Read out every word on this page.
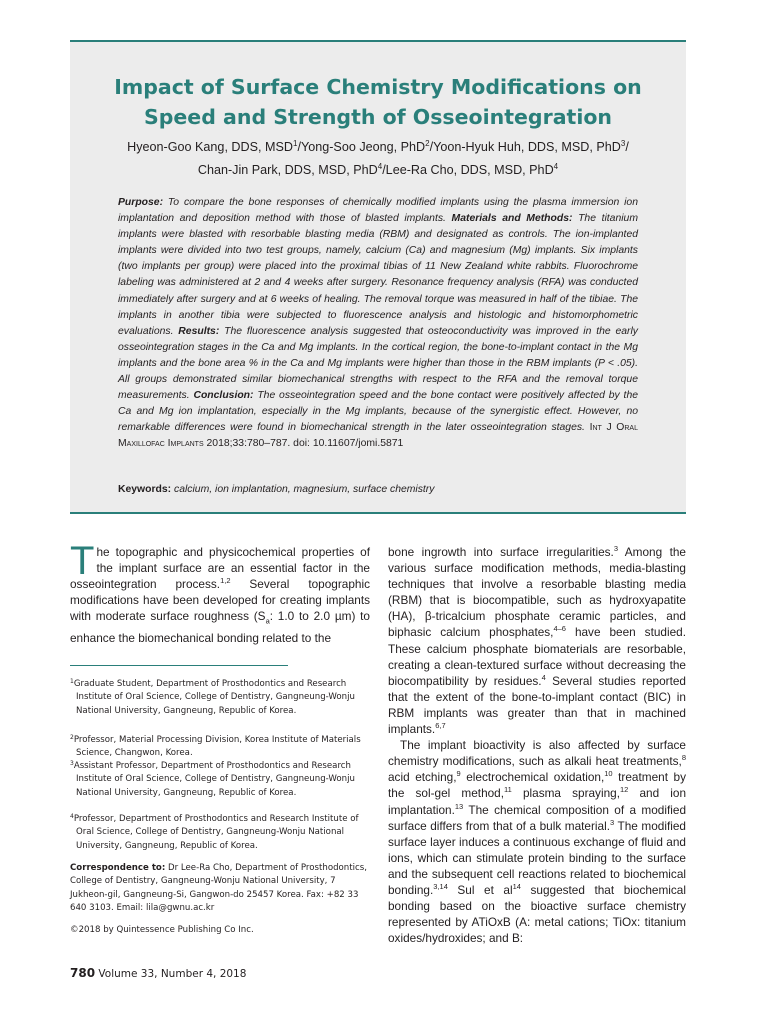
Impact of Surface Chemistry Modifications on
Speed and Strength of Osseointegration
Hyeon-Goo Kang, DDS, MSD$^1$/Yong-Soo Jeong, PhD$^2$/Yoon-Hyuk Huh, DDS, MSD, PhD$^3$/
Chan-Jin Park, DDS, MSD, PhD$^4$/Lee-Ra Cho, DDS, MSD, PhD$^4$

Purpose: To compare the bone responses of chemically modified implants using the plasma immersion ion implantation and deposition method with those of blasted implants. Materials and Methods: The titanium implants were blasted with resorbable blasting media (RBM) and designated as controls. The ion-implanted implants were divided into two test groups, namely, calcium (Ca) and magnesium (Mg) implants. Six implants (two implants per group) were placed into the proximal tibias of 11 New Zealand white rabbits. Fluorochrome labeling was administered at 2 and 4 weeks after surgery. Resonance frequency analysis (RFA) was conducted immediately after surgery and at 6 weeks of healing. The removal torque was measured in half of the tibiae. The implants in another tibia were subjected to fluorescence analysis and histologic and histomorphometric evaluations. Results: The fluorescence analysis suggested that osteoconductivity was improved in the early osseointegration stages in the Ca and Mg implants. In the cortical region, the bone-to-implant contact in the Mg implants and the bone area % in the Ca and Mg implants were higher than those in the RBM implants (P < .05). All groups demonstrated similar biomechanical strengths with respect to the RFA and the removal torque measurements. Conclusion: The osseointegration speed and the bone contact were positively affected by the Ca and Mg ion implantation, especially in the Mg implants, because of the synergistic effect. However, no remarkable differences were found in biomechanical strength in the later osseointegration stages. Int J Oral Maxillofac Implants 2018;33:780–787. doi: 10.11607/jomi.5871

Keywords: calcium, ion implantation, magnesium, surface chemistry

The topographic and physicochemical properties of the implant surface are an essential factor in the osseointegration process.$^{1,2}$ Several topographic modifications have been developed for creating implants with moderate surface roughness ($S_a$: 1.0 to 2.0 µm) to enhance the biomechanical bonding related to the

$^1$Graduate Student, Department of Prosthodontics and Research Institute of Oral Science, College of Dentistry, Gangneung-Wonju National University, Gangneung, Republic of Korea.

$^2$Professor, Material Processing Division, Korea Institute of Materials Science, Changwon, Korea.

$^3$Assistant Professor, Department of Prosthodontics and Research Institute of Oral Science, College of Dentistry, Gangneung-Wonju National University, Gangneung, Republic of Korea.

$^4$Professor, Department of Prosthodontics and Research Institute of Oral Science, College of Dentistry, Gangneung-Wonju National University, Gangneung, Republic of Korea.

Correspondence to: Dr Lee-Ra Cho, Department of Prosthodontics, College of Dentistry, Gangneung-Wonju National University, 7 Jukheon-gil, Gangneung-Si, Gangwon-do 25457 Korea. Fax: +82 33 640 3103. Email: lila@gwnu.ac.kr

©2018 by Quintessence Publishing Co Inc.
780 Volume 33, Number 4, 2018

bone ingrowth into surface irregularities.$^3$ Among the various surface modification methods, media-blasting techniques that involve a resorbable blasting media (RBM) that is biocompatible, such as hydroxyapatite (HA), β-tricalcium phosphate ceramic particles, and biphasic calcium phosphates,$^{4-6}$ have been studied. These calcium phosphate biomaterials are resorbable, creating a clean-textured surface without decreasing the biocompatibility by residues.$^4$ Several studies reported that the extent of the bone-to-implant contact (BIC) in RBM implants was greater than that in machined implants.$^{6,7}$

The implant bioactivity is also affected by surface chemistry modifications, such as alkali heat treatments,$^8$ acid etching,$^9$ electrochemical oxidation,$^{10}$ treatment by the sol-gel method,$^{11}$ plasma spraying,$^{12}$ and ion implantation.$^{13}$ The chemical composition of a modified surface differs from that of a bulk material.$^3$ The modified surface layer induces a continuous exchange of fluid and ions, which can stimulate protein binding to the surface and the subsequent cell reactions related to biochemical bonding.$^{3,14}$ Sul et $al^{14}$ suggested that biochemical bonding based on the bioactive surface chemistry represented by ATiOxB (A: metal cations; TiOx: titanium oxides/hydroxides; and B:
